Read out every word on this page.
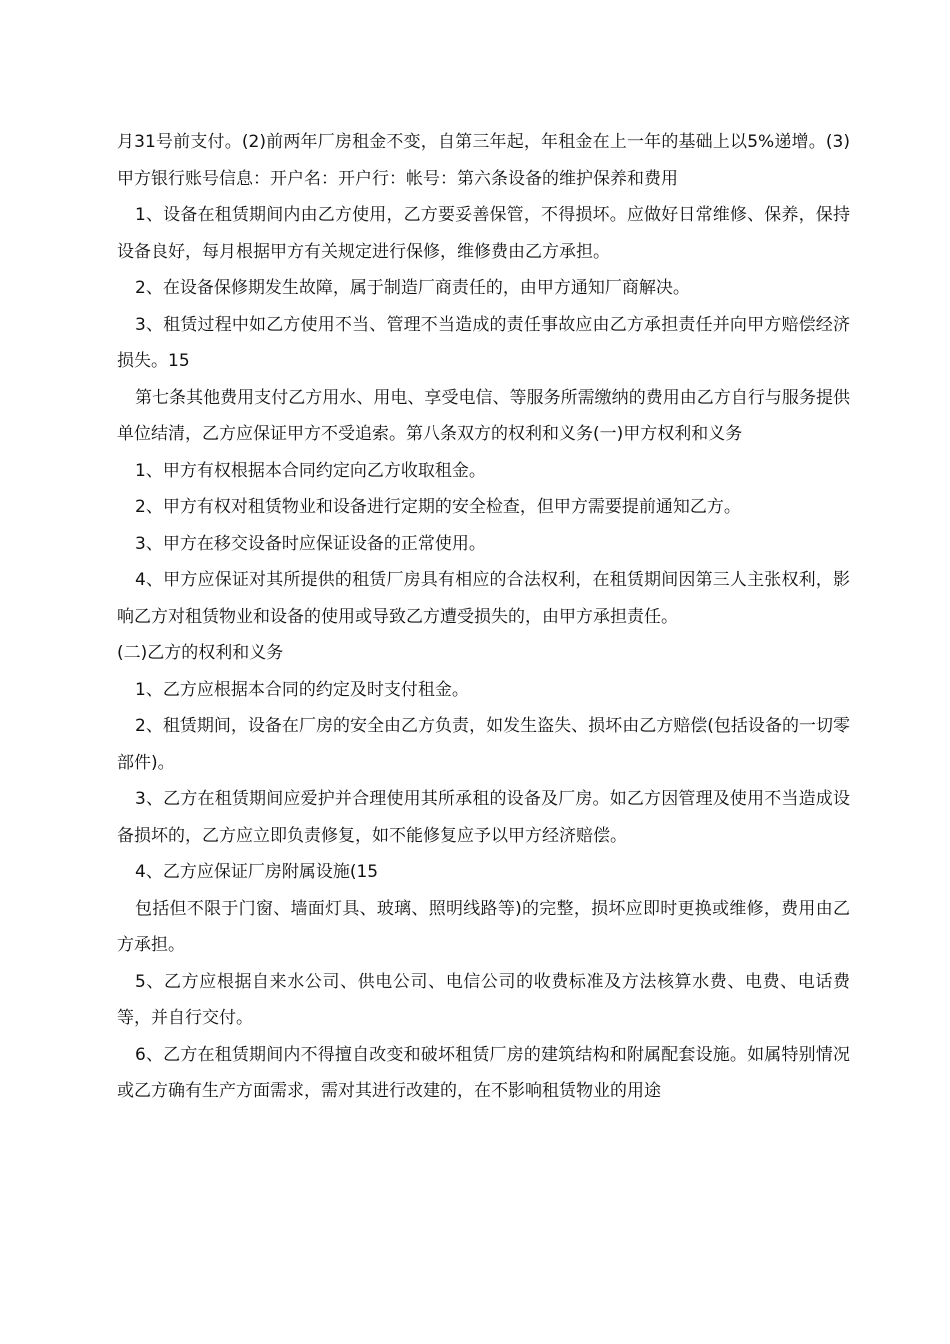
月31号前支付。(2)前两年厂房租金不变，自第三年起，年租金在上一年的基础上以5%递增。(3)甲方银行账号信息：开户名：开户行：帐号：第六条设备的维护保养和费用

1、设备在租赁期间内由乙方使用，乙方要妥善保管，不得损坏。应做好日常维修、保养，保持设备良好，每月根据甲方有关规定进行保修，维修费由乙方承担。

2、在设备保修期发生故障，属于制造厂商责任的，由甲方通知厂商解决。

3、租赁过程中如乙方使用不当、管理不当造成的责任事故应由乙方承担责任并向甲方赔偿经济损失。15

第七条其他费用支付乙方用水、用电、享受电信、等服务所需缴纳的费用由乙方自行与服务提供单位结清，乙方应保证甲方不受追索。第八条双方的权利和义务(一)甲方权利和义务

1、甲方有权根据本合同约定向乙方收取租金。

2、甲方有权对租赁物业和设备进行定期的安全检查，但甲方需要提前通知乙方。

3、甲方在移交设备时应保证设备的正常使用。

4、甲方应保证对其所提供的租赁厂房具有相应的合法权利，在租赁期间因第三人主张权利，影响乙方对租赁物业和设备的使用或导致乙方遭受损失的，由甲方承担责任。

(二)乙方的权利和义务

1、乙方应根据本合同的约定及时支付租金。

2、租赁期间，设备在厂房的安全由乙方负责，如发生盗失、损坏由乙方赔偿(包括设备的一切零部件)。

3、乙方在租赁期间应爱护并合理使用其所承租的设备及厂房。如乙方因管理及使用不当造成设备损坏的，乙方应立即负责修复，如不能修复应予以甲方经济赔偿。

4、乙方应保证厂房附属设施(15

包括但不限于门窗、墙面灯具、玻璃、照明线路等)的完整，损坏应即时更换或维修，费用由乙方承担。

5、乙方应根据自来水公司、供电公司、电信公司的收费标准及方法核算水费、电费、电话费等，并自行交付。

6、乙方在租赁期间内不得擅自改变和破坏租赁厂房的建筑结构和附属配套设施。如属特别情况或乙方确有生产方面需求，需对其进行改建的，在不影响租赁物业的用途
